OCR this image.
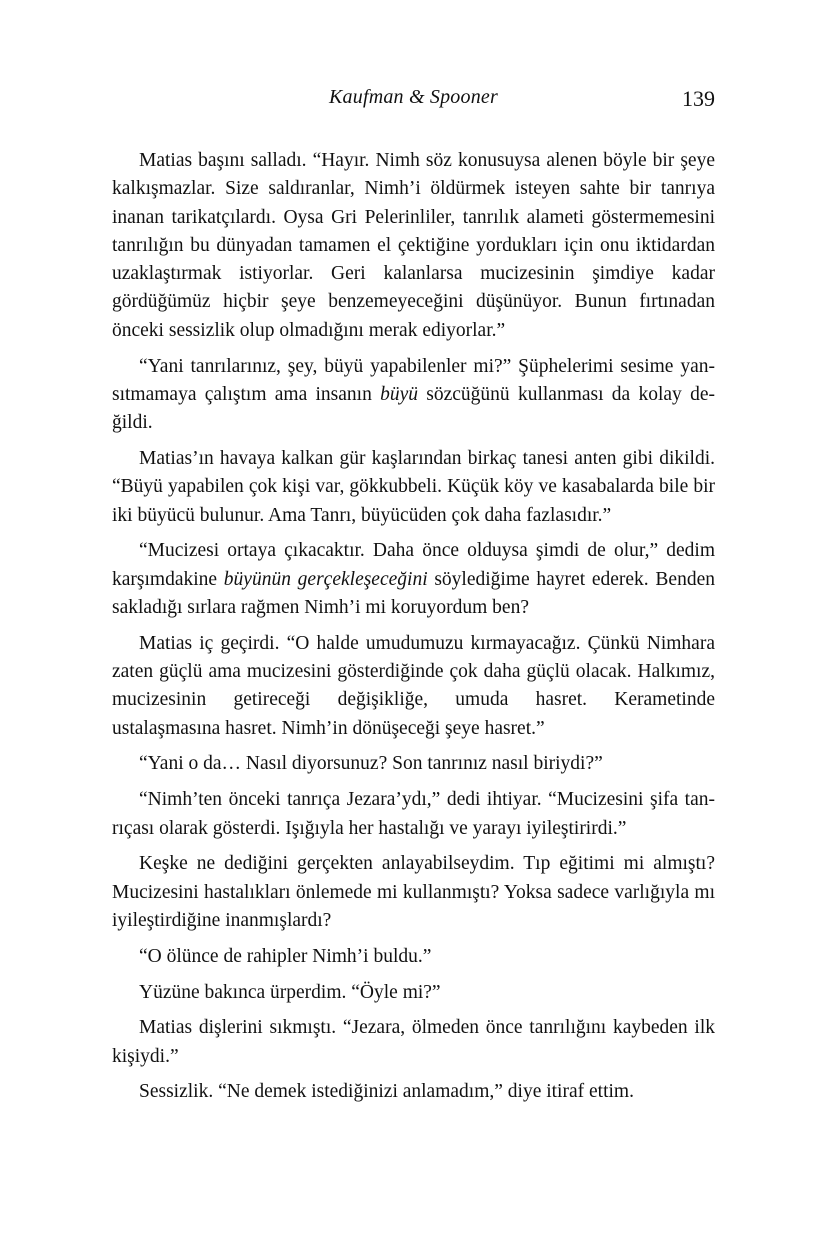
Kaufman & Spooner	139

Matias başını salladı. “Hayır. Nimh söz konusuysa alenen böyle bir şeye kalkışmazlar. Size saldıranlar, Nimh’i öldürmek isteyen sahte bir tanrıya inanan tarikatçılardı. Oysa Gri Pelerinliler, tanrılık alameti göstermemesini tanrılığın bu dünyadan tamamen el çektiğine yordukları için onu iktidardan uzaklaştırmak istiyorlar. Geri kalanlarsa mucizesinin şimdiye kadar gördüğümüz hiçbir şeye benzemeyeceğini düşünüyor. Bunun fırtınadan önceki sessizlik olup olmadığını merak ediyorlar.”

“Yani tanrılarınız, şey, büyü yapabilenler mi?” Şüphelerimi sesime yansıtmamaya çalıştım ama insanın büyü sözcüğünü kullanması da kolay değildi.

Matias’ın havaya kalkan gür kaşlarından birkaç tanesi anten gibi dikildi. “Büyü yapabilen çok kişi var, gökkubbeli. Küçük köy ve kasabalarda bile bir iki büyücü bulunur. Ama Tanrı, büyücüden çok daha fazlasıdır.”

“Mucizesi ortaya çıkacaktır. Daha önce olduysa şimdi de olur,” dedim karşımdakine büyünün gerçekleşeceğini söylediğime hayret ederek. Benden sakladığı sırlara rağmen Nimh’i mi koruyordum ben?

Matias iç geçirdi. “O halde umudumuzu kırmayacağız. Çünkü Nimhara zaten güçlü ama mucizesini gösterdiğinde çok daha güçlü olacak. Halkımız, mucizesinin getireceği değişikliğe, umuda hasret. Kerametinde ustalaşmasına hasret. Nimh’in dönüşeceği şeye hasret.”

“Yani o da… Nasıl diyorsunuz? Son tanrınız nasıl biriydi?”

“Nimh’ten önceki tanrıça Jezara’ydı,” dedi ihtiyar. “Mucizesini şifa tanrıçası olarak gösterdi. Işığıyla her hastalığı ve yarayı iyileştirirdi.”

Keşke ne dediğini gerçekten anlayabilseydim. Tıp eğitimi mi almıştı? Mucizesini hastalıkları önlemede mi kullanmıştı? Yoksa sadece varlığıyla mı iyileştirdiğine inanmışlardı?

“O ölünce de rahipler Nimh’i buldu.”

Yüzüne bakınca ürperdim. “Öyle mi?”

Matias dişlerini sıkmıştı. “Jezara, ölmeden önce tanrılığını kaybeden ilk kişiydi.”

Sessizlik. “Ne demek istediğinizi anlamadım,” diye itiraf ettim.
